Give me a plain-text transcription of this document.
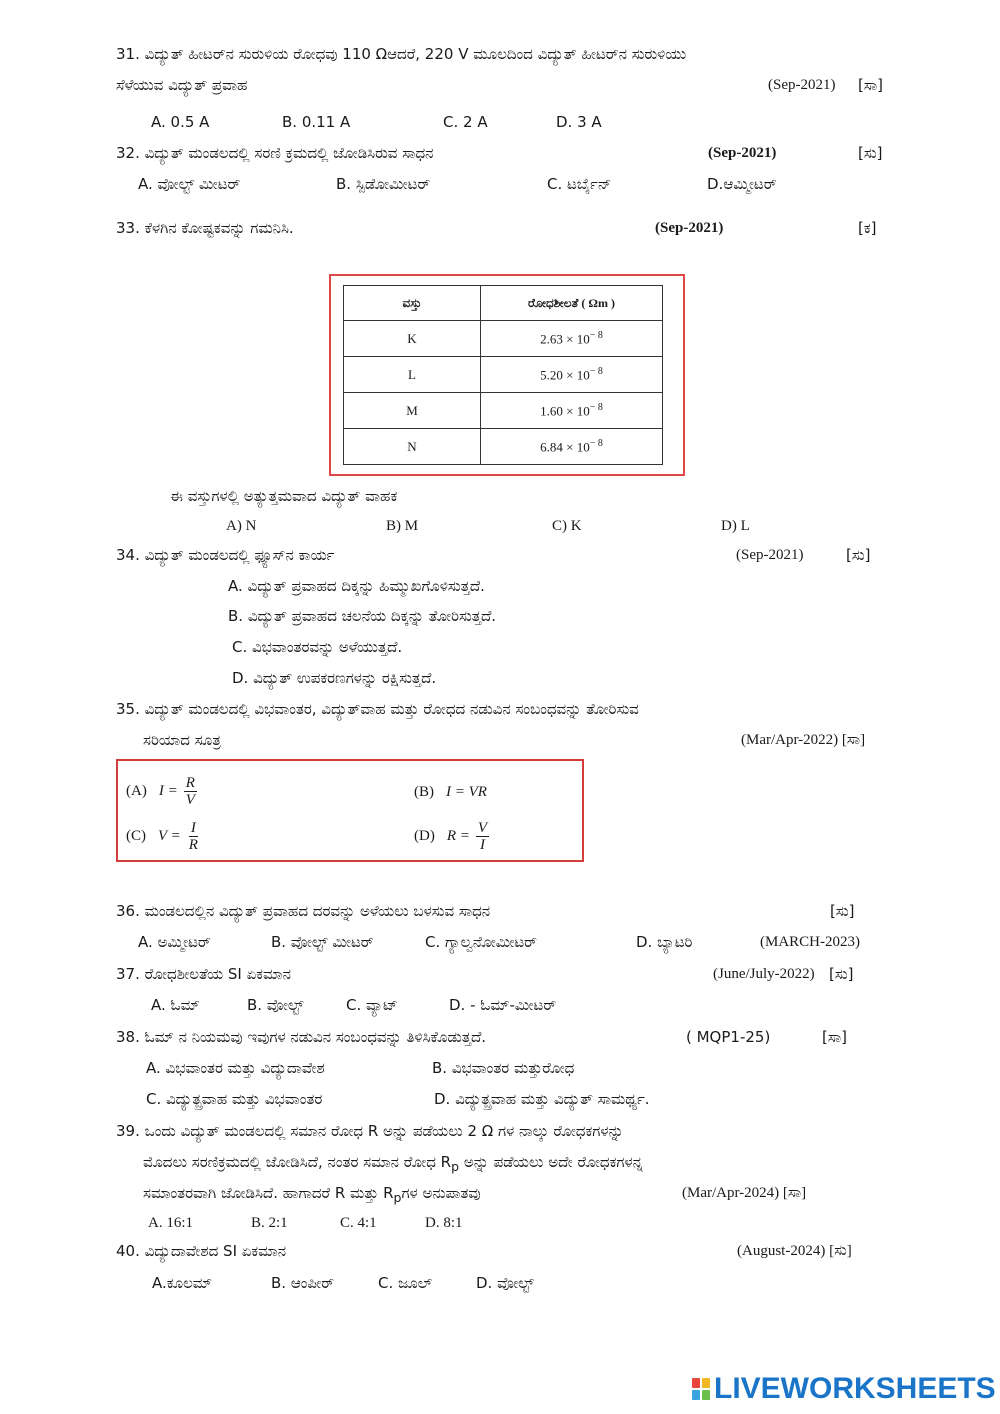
31. ವಿದ್ಯುತ್ ಹೀಟರ್‌ನ ಸುರುಳಿಯ ರೋಧವು 110 Ωಆದರೆ, 220 V ಮೂಲದಿಂದ ವಿದ್ಯುತ್ ಹೀಟರ್‌ನ ಸುರುಳಿಯು
ಸೆಳೆಯುವ ವಿದ್ಯುತ್ ಪ್ರವಾಹ	(Sep-2021) [ಸಾ]
A. 0.5 A	B. 0.11 A	C. 2 A	D. 3 A
32. ವಿದ್ಯುತ್ ಮಂಡಲದಲ್ಲಿ ಸರಣಿ ಕ್ರಮದಲ್ಲಿ ಜೋಡಿಸಿರುವ ಸಾಧನ	(Sep-2021)	[ಸು]
A. ವೋಲ್ಟ್ ಮೀಟರ್	B. ಸ್ಪಿಡೋಮೀಟರ್	C. ಟರ್ಬೈನ್	D.ಆಮ್ಮೀಟರ್
33. ಕೆಳಗಿನ ಕೋಷ್ಟಕವನ್ನು ಗಮನಿಸಿ.	(Sep-2021)	[ಕ]
ವಸ್ತು	ರೋಧಶೀಲತೆ ( Ωm )
K	$2.63 \times 10^{- 8}$
L	$5.20 \times 10^{- 8}$
M	$1.60 \times 10^{- 8}$
N	$6.84 \times 10^{- 8}$
ಈ ವಸ್ತುಗಳಲ್ಲಿ ಅತ್ಯುತ್ತಮವಾದ ವಿದ್ಯುತ್ ವಾಹಕ
A) N	B) M	C) K	D) L
34. ವಿದ್ಯುತ್ ಮಂಡಲದಲ್ಲಿ ಫ್ಯೂಸ್‌ನ ಕಾರ್ಯ	(Sep-2021)	[ಸು]
A. ವಿದ್ಯುತ್ ಪ್ರವಾಹದ ದಿಕ್ಕನ್ನು ಹಿಮ್ಮುಖಗೊಳಿಸುತ್ತದೆ.
B. ವಿದ್ಯುತ್ ಪ್ರವಾಹದ ಚಲನೆಯ ದಿಕ್ಕನ್ನು ತೋರಿಸುತ್ತದೆ.
C. ವಿಭವಾಂತರವನ್ನು ಅಳೆಯುತ್ತದೆ.
D. ವಿದ್ಯುತ್ ಉಪಕರಣಗಳನ್ನು ರಕ್ಷಿಸುತ್ತದೆ.
35. ವಿದ್ಯುತ್ ಮಂಡಲದಲ್ಲಿ ವಿಭವಾಂತರ, ವಿದ್ಯುತ್‌ವಾಹ ಮತ್ತು ರೋಧದ ನಡುವಿನ ಸಂಬಂಧವನ್ನು ತೋರಿಸುವ
ಸರಿಯಾದ ಸೂತ್ರ	(Mar/Apr-2022) [ಸಾ]
(A) $I = \frac{R}{V}$	(B) I = VR
(C) $V = \frac{I}{R}$	(D) $R = \frac{V}{I}$
36. ಮಂಡಲದಲ್ಲಿನ ವಿದ್ಯುತ್ ಪ್ರವಾಹದ ದರವನ್ನು ಅಳೆಯಲು ಬಳಸುವ ಸಾಧನ	[ಸು]
A. ಅಮ್ಮೀಟರ್	B. ವೋಲ್ಟ್ ಮೀಟರ್	C. ಗ್ಯಾಲ್ವನೋಮೀಟರ್	D. ಬ್ಯಾಟರಿ	(MARCH-2023)
37. ರೋಧಶೀಲತೆಯ SI ಏಕಮಾನ	(June/July-2022) [ಸು]
A. ಓಮ್	B. ವೋಲ್ಟ್	C. ವ್ಯಾಟ್	D. - ಓಮ್-ಮೀಟರ್
38. ಓಮ್ ನ ನಿಯಮವು ಇವುಗಳ ನಡುವಿನ ಸಂಬಂಧವನ್ನು ತಿಳಿಸಿಕೊಡುತ್ತದೆ.	( MQP1-25)	[ಸಾ]
A. ವಿಭವಾಂತರ ಮತ್ತು ವಿದ್ಯುದಾವೇಶ	B. ವಿಭವಾಂತರ ಮತ್ತುರೋಧ
C. ವಿದ್ಯುತ್ಪ್ರವಾಹ ಮತ್ತು ವಿಭವಾಂತರ	D. ವಿದ್ಯುತ್ಪ್ರವಾಹ ಮತ್ತು ವಿದ್ಯುತ್ ಸಾಮರ್ಥ್ಯ.
39. ಒಂದು ವಿದ್ಯುತ್ ಮಂಡಲದಲ್ಲಿ ಸಮಾನ ರೋಧ R ಅನ್ನು ಪಡೆಯಲು 2 Ω ಗಳ ನಾಲ್ಕು ರೋಧಕಗಳನ್ನು
ಮೊದಲು ಸರಣಿಕ್ರಮದಲ್ಲಿ ಜೋಡಿಸಿದೆ, ನಂತರ ಸಮಾನ ರೋಧ $R_p$ ಅನ್ನು ಪಡೆಯಲು ಅದೇ ರೋಧಕಗಳನ್ನ
ಸಮಾಂತರವಾಗಿ ಜೋಡಿಸಿದೆ. ಹಾಗಾದರೆ R ಮತ್ತು $R_pಗಳ$ ಅನುಪಾತವು	(Mar/Apr-2024) [ಸಾ]
A. 16:1	B. 2:1	C. 4:1	D. 8:1
40. ವಿದ್ಯುದಾವೇಶದ SI ಏಕಮಾನ	(August-2024) [ಸು]
A.ಕೂಲಮ್	B. ಆಂಪೀರ್	C. ಜೂಲ್	D. ವೋಲ್ಟ್
LIVEWORKSHEETS
